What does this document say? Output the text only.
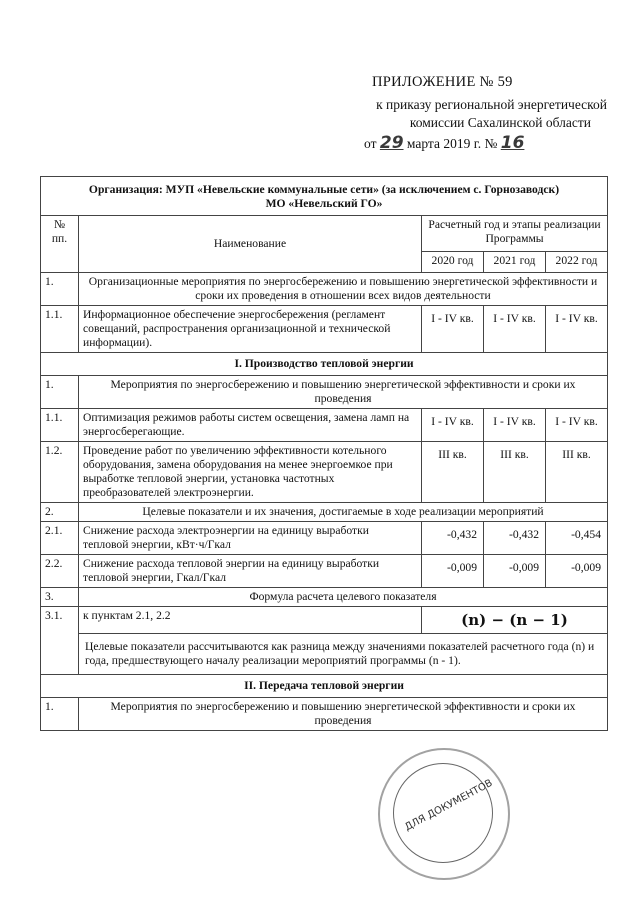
ПРИЛОЖЕНИЕ № 59
к приказу региональной энергетической
комиссии Сахалинской области
от 29 марта 2019 г. № 16
Организация: МУП «Невельские коммунальные сети» (за исключением с. Горнозаводск)
МО «Невельский ГО»				

№ пп.	Наименование	Расчетный год и этапы реализации Программы		
		2020 год	2021 год	2022 год
1.	Организационные мероприятия по энергосбережению и повышению энергетической эффективности и сроки их проведения в отношении всех видов деятельности			
1.1.	Информационное обеспечение энергосбережения (регламент совещаний, распространения организационной и технической информации).	I - IV кв.	I - IV кв.	I - IV кв.
I. Производство тепловой энергии				
1.	Мероприятия по энергосбережению и повышению энергетической эффективности и сроки их проведения			
1.1.	Оптимизация режимов работы систем освещения, замена ламп на энергосберегающие.	I - IV кв.	I - IV кв.	I - IV кв.
1.2.	Проведение работ по увеличению эффективности котельного оборудования, замена оборудования на менее энергоемкое при выработке тепловой энергии, установка частотных преобразователей электроэнергии.	III кв.	III кв.	III кв.
2.	Целевые показатели и их значения, достигаемые в ходе реализации мероприятий			
2.1.	Снижение расхода электроэнергии на единицу выработки тепловой энергии, кВт·ч/Гкал	-0,432	-0,432	-0,454
2.2.	Снижение расхода тепловой энергии на единицу выработки тепловой энергии, Гкал/Гкал	-0,009	-0,009	-0,009
3.	Формула расчета целевого показателя			
3.1.	к пунктам 2.1, 2.2	(n) − (n − 1)		
	Целевые показатели рассчитываются как разница между значениями показателей расчетного года (n) и года, предшествующего началу реализации мероприятий программы (n - 1).			
II. Передача тепловой энергии				
1.	Мероприятия по энергосбережению и повышению энергетической эффективности и сроки их проведения			
ДЛЯ ДОКУМЕНТОВ
